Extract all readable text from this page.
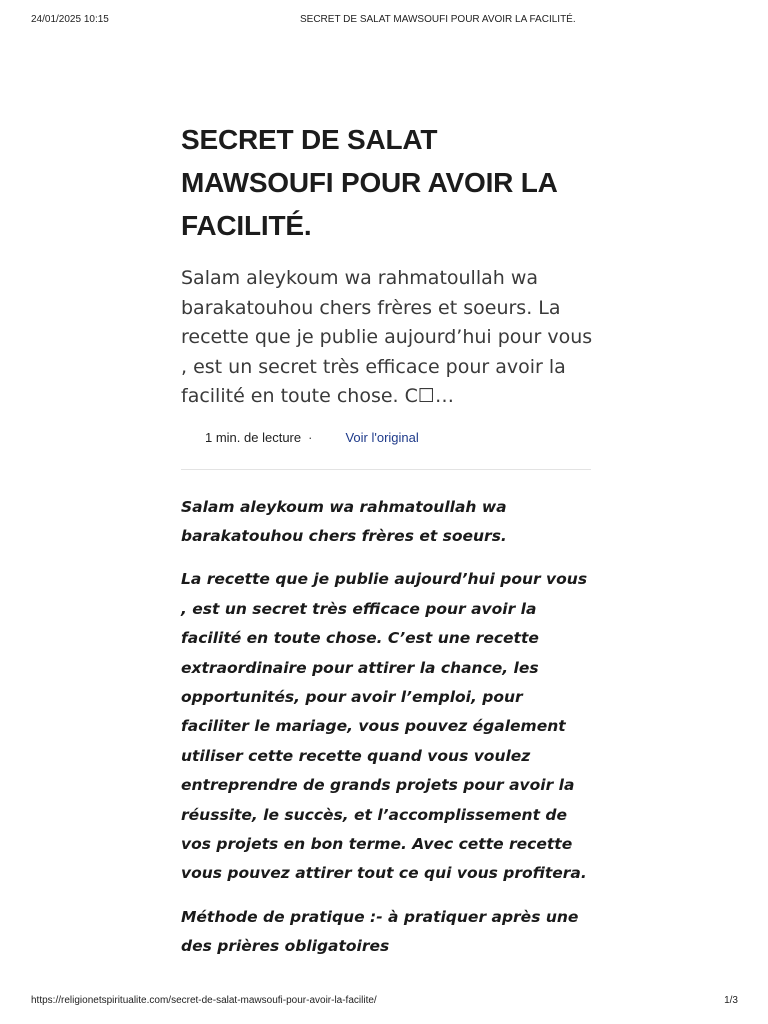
24/01/2025 10:15	SECRET DE SALAT MAWSOUFI POUR AVOIR LA FACILITÉ.
SECRET DE SALAT MAWSOUFI POUR AVOIR LA FACILITÉ.

Salam aleykoum wa rahmatoullah wa barakatouhou chers frères et soeurs. La recette que je publie aujourd’hui pour vous , est un secret très efficace pour avoir la facilité en toute chose. C☐…

1 min. de lecture ·	Voir l'original

Salam aleykoum wa rahmatoullah wa barakatouhou chers frères et soeurs.

La recette que je publie aujourd’hui pour vous , est un secret très efficace pour avoir la facilité en toute chose. C’est une recette extraordinaire pour attirer la chance, les opportunités, pour avoir l’emploi, pour faciliter le mariage, vous pouvez également utiliser cette recette quand vous voulez entreprendre de grands projets pour avoir la réussite, le succès, et l’accomplissement de vos projets en bon terme. Avec cette recette vous pouvez attirer tout ce qui vous profitera.

Méthode de pratique :- à pratiquer après une des prières obligatoires

https://religionetspiritualite.com/secret-de-salat-mawsoufi-pour-avoir-la-facilite/	1/3
